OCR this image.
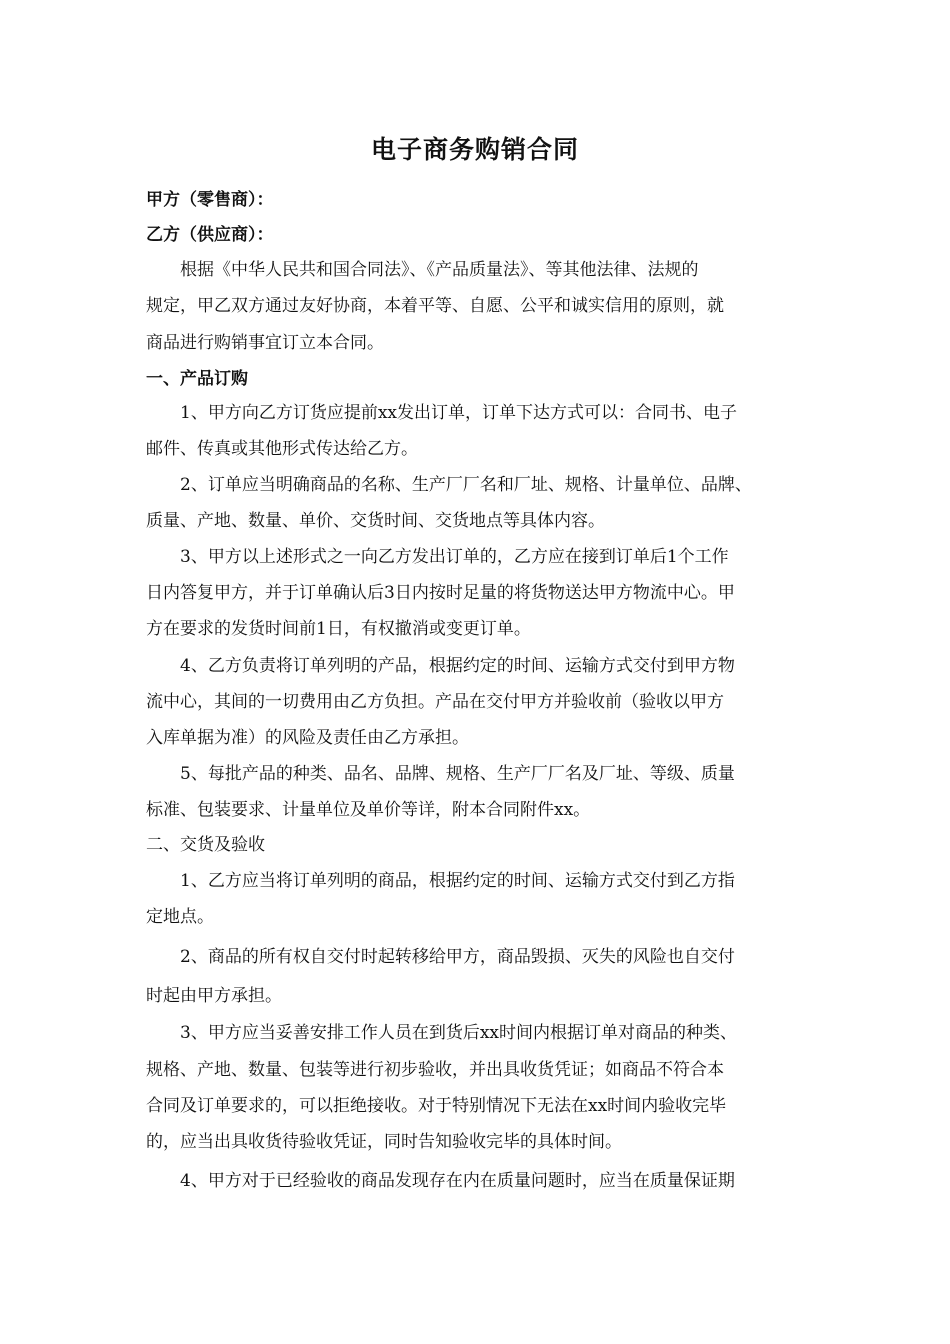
电子商务购销合同
甲方（零售商）：
乙方（供应商）：
根据《中华人民共和国合同法》、《产品质量法》、等其他法律、法规的
规定，甲乙双方通过友好协商，本着平等、自愿、公平和诚实信用的原则，就
商品进行购销事宜订立本合同。
一、产品订购
1、甲方向乙方订货应提前xx发出订单，订单下达方式可以：合同书、电子
邮件、传真或其他形式传达给乙方。
2、订单应当明确商品的名称、生产厂厂名和厂址、规格、计量单位、品牌、
质量、产地、数量、单价、交货时间、交货地点等具体内容。
3、甲方以上述形式之一向乙方发出订单的，乙方应在接到订单后1个工作
日内答复甲方，并于订单确认后3日内按时足量的将货物送达甲方物流中心。甲
方在要求的发货时间前1日，有权撤消或变更订单。
4、乙方负责将订单列明的产品，根据约定的时间、运输方式交付到甲方物
流中心，其间的一切费用由乙方负担。产品在交付甲方并验收前（验收以甲方
入库单据为准）的风险及责任由乙方承担。
5、每批产品的种类、品名、品牌、规格、生产厂厂名及厂址、等级、质量
标准、包装要求、计量单位及单价等详，附本合同附件xx。
二、交货及验收
1、乙方应当将订单列明的商品，根据约定的时间、运输方式交付到乙方指
定地点。
2、商品的所有权自交付时起转移给甲方，商品毁损、灭失的风险也自交付
时起由甲方承担。
3、甲方应当妥善安排工作人员在到货后xx时间内根据订单对商品的种类、
规格、产地、数量、包装等进行初步验收，并出具收货凭证；如商品不符合本
合同及订单要求的，可以拒绝接收。对于特别情况下无法在xx时间内验收完毕
的，应当出具收货待验收凭证，同时告知验收完毕的具体时间。
4、甲方对于已经验收的商品发现存在内在质量问题时，应当在质量保证期
